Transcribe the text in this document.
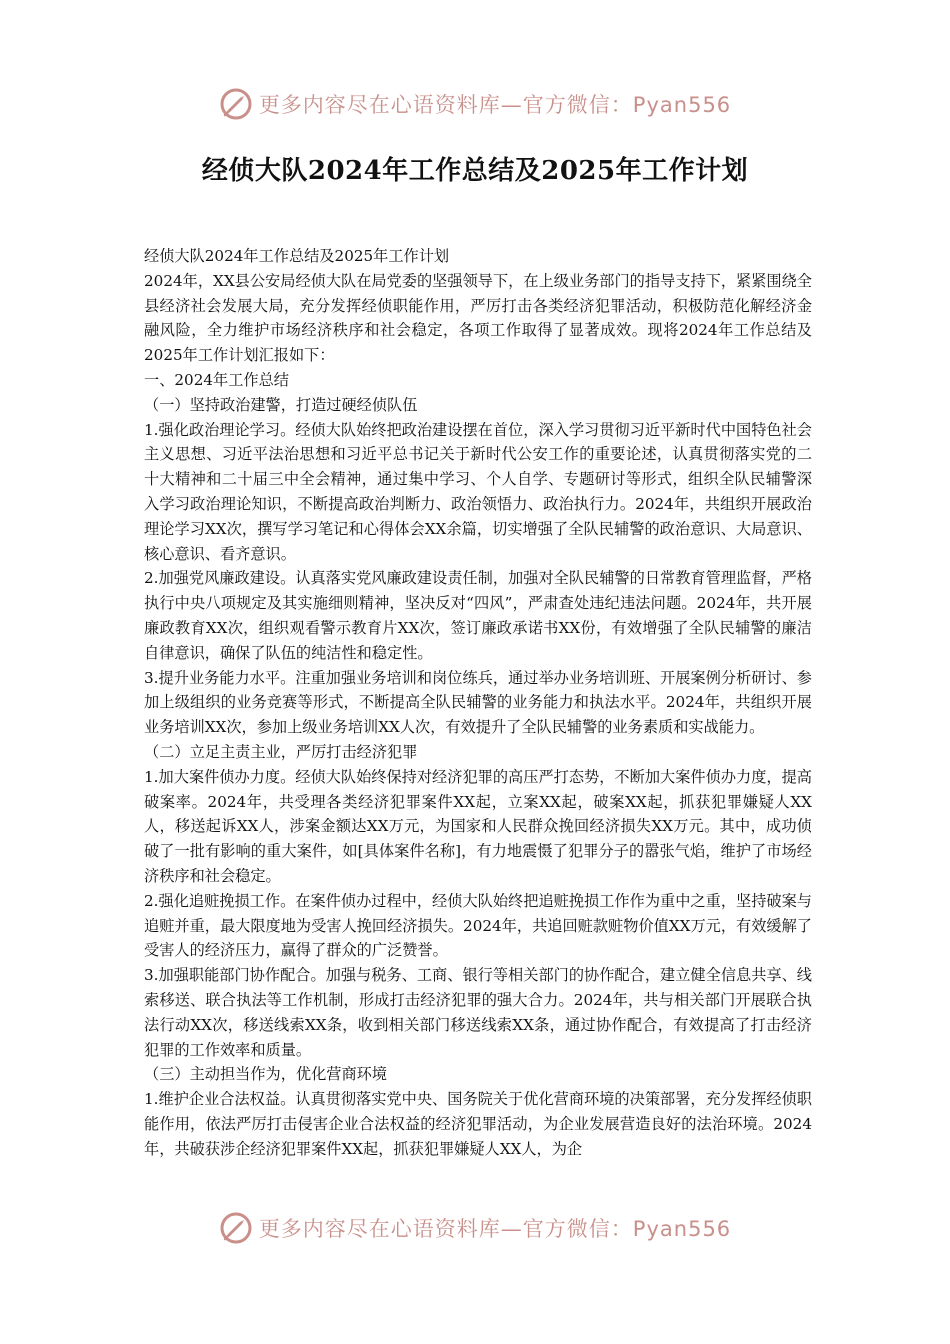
更多内容尽在心语资料库—官方微信：Pyan556
经侦大队2024年工作总结及2025年工作计划

经侦大队2024年工作总结及2025年工作计划

2024年，XX县公安局经侦大队在局党委的坚强领导下，在上级业务部门的指导支持下，紧紧围绕全县经济社会发展大局，充分发挥经侦职能作用，严厉打击各类经济犯罪活动，积极防范化解经济金融风险，全力维护市场经济秩序和社会稳定，各项工作取得了显著成效。现将2024年工作总结及2025年工作计划汇报如下：

一、2024年工作总结

（一）坚持政治建警，打造过硬经侦队伍

1.强化政治理论学习。经侦大队始终把政治建设摆在首位，深入学习贯彻习近平新时代中国特色社会主义思想、习近平法治思想和习近平总书记关于新时代公安工作的重要论述，认真贯彻落实党的二十大精神和二十届三中全会精神，通过集中学习、个人自学、专题研讨等形式，组织全队民辅警深入学习政治理论知识，不断提高政治判断力、政治领悟力、政治执行力。2024年，共组织开展政治理论学习XX次，撰写学习笔记和心得体会XX余篇，切实增强了全队民辅警的政治意识、大局意识、核心意识、看齐意识。

2.加强党风廉政建设。认真落实党风廉政建设责任制，加强对全队民辅警的日常教育管理监督，严格执行中央八项规定及其实施细则精神，坚决反对“四风”，严肃查处违纪违法问题。2024年，共开展廉政教育XX次，组织观看警示教育片XX次，签订廉政承诺书XX份，有效增强了全队民辅警的廉洁自律意识，确保了队伍的纯洁性和稳定性。

3.提升业务能力水平。注重加强业务培训和岗位练兵，通过举办业务培训班、开展案例分析研讨、参加上级组织的业务竞赛等形式，不断提高全队民辅警的业务能力和执法水平。2024年，共组织开展业务培训XX次，参加上级业务培训XX人次，有效提升了全队民辅警的业务素质和实战能力。

（二）立足主责主业，严厉打击经济犯罪

1.加大案件侦办力度。经侦大队始终保持对经济犯罪的高压严打态势，不断加大案件侦办力度，提高破案率。2024年，共受理各类经济犯罪案件XX起，立案XX起，破案XX起，抓获犯罪嫌疑人XX人，移送起诉XX人，涉案金额达XX万元，为国家和人民群众挽回经济损失XX万元。其中，成功侦破了一批有影响的重大案件，如[具体案件名称]，有力地震慑了犯罪分子的嚣张气焰，维护了市场经济秩序和社会稳定。

2.强化追赃挽损工作。在案件侦办过程中，经侦大队始终把追赃挽损工作作为重中之重，坚持破案与追赃并重，最大限度地为受害人挽回经济损失。2024年，共追回赃款赃物价值XX万元，有效缓解了受害人的经济压力，赢得了群众的广泛赞誉。

3.加强职能部门协作配合。加强与税务、工商、银行等相关部门的协作配合，建立健全信息共享、线索移送、联合执法等工作机制，形成打击经济犯罪的强大合力。2024年，共与相关部门开展联合执法行动XX次，移送线索XX条，收到相关部门移送线索XX条，通过协作配合，有效提高了打击经济犯罪的工作效率和质量。

（三）主动担当作为，优化营商环境

1.维护企业合法权益。认真贯彻落实党中央、国务院关于优化营商环境的决策部署，充分发挥经侦职能作用，依法严厉打击侵害企业合法权益的经济犯罪活动，为企业发展营造良好的法治环境。2024年，共破获涉企经济犯罪案件XX起，抓获犯罪嫌疑人XX人，为企

更多内容尽在心语资料库—官方微信：Pyan556
